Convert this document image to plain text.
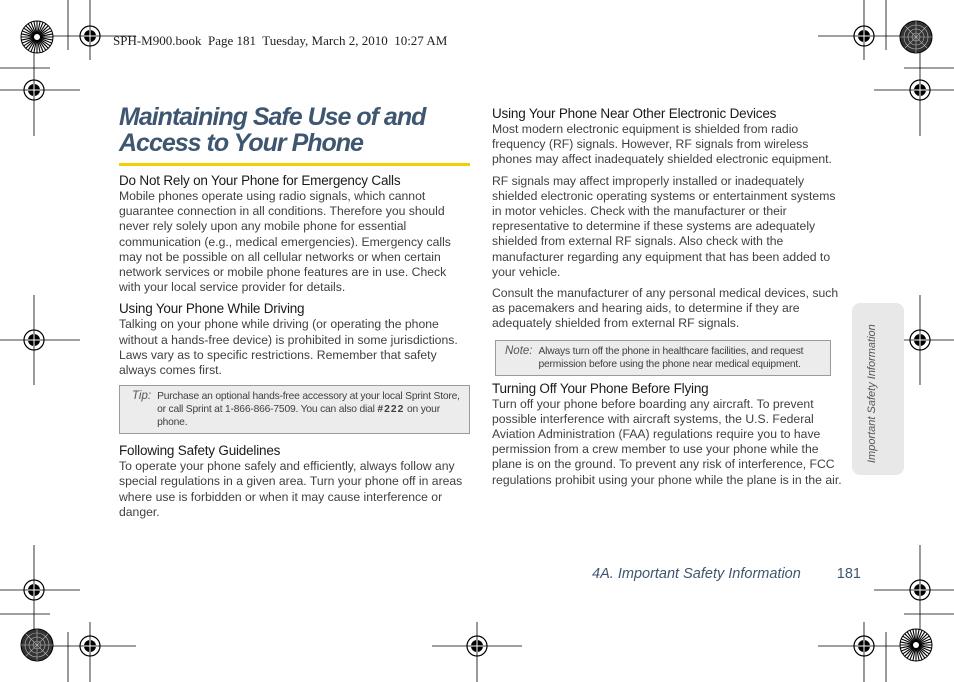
SPH-M900.book  Page 181  Tuesday, March 2, 2010  10:27 AM
Maintaining Safe Use of and Access to Your Phone
Do Not Rely on Your Phone for Emergency Calls

Mobile phones operate using radio signals, which cannot guarantee connection in all conditions. Therefore you should never rely solely upon any mobile phone for essential communication (e.g., medical emergencies). Emergency calls may not be possible on all cellular networks or when certain network services or mobile phone features are in use. Check with your local service provider for details.

Using Your Phone While Driving

Talking on your phone while driving (or operating the phone without a hands-free device) is prohibited in some jurisdictions. Laws vary as to specific restrictions. Remember that safety always comes first.

Tip: Purchase an optional hands-free accessory at your local Sprint Store, or call Sprint at 1-866-866-7509. You can also dial #222 on your phone.
Following Safety Guidelines

To operate your phone safely and efficiently, always follow any special regulations in a given area. Turn your phone off in areas where use is forbidden or when it may cause interference or danger.

Using Your Phone Near Other Electronic Devices

Most modern electronic equipment is shielded from radio frequency (RF) signals. However, RF signals from wireless phones may affect inadequately shielded electronic equipment.

RF signals may affect improperly installed or inadequately shielded electronic operating systems or entertainment systems in motor vehicles. Check with the manufacturer or their representative to determine if these systems are adequately shielded from external RF signals. Also check with the manufacturer regarding any equipment that has been added to your vehicle.

Consult the manufacturer of any personal medical devices, such as pacemakers and hearing aids, to determine if they are adequately shielded from external RF signals.

Note: Always turn off the phone in healthcare facilities, and request permission before using the phone near medical equipment.
Turning Off Your Phone Before Flying

Turn off your phone before boarding any aircraft. To prevent possible interference with aircraft systems, the U.S. Federal Aviation Administration (FAA) regulations require you to have permission from a crew member to use your phone while the plane is on the ground. To prevent any risk of interference, FCC regulations prohibit using your phone while the plane is in the air.

Important Safety Information
4A. Important Safety Information 181
